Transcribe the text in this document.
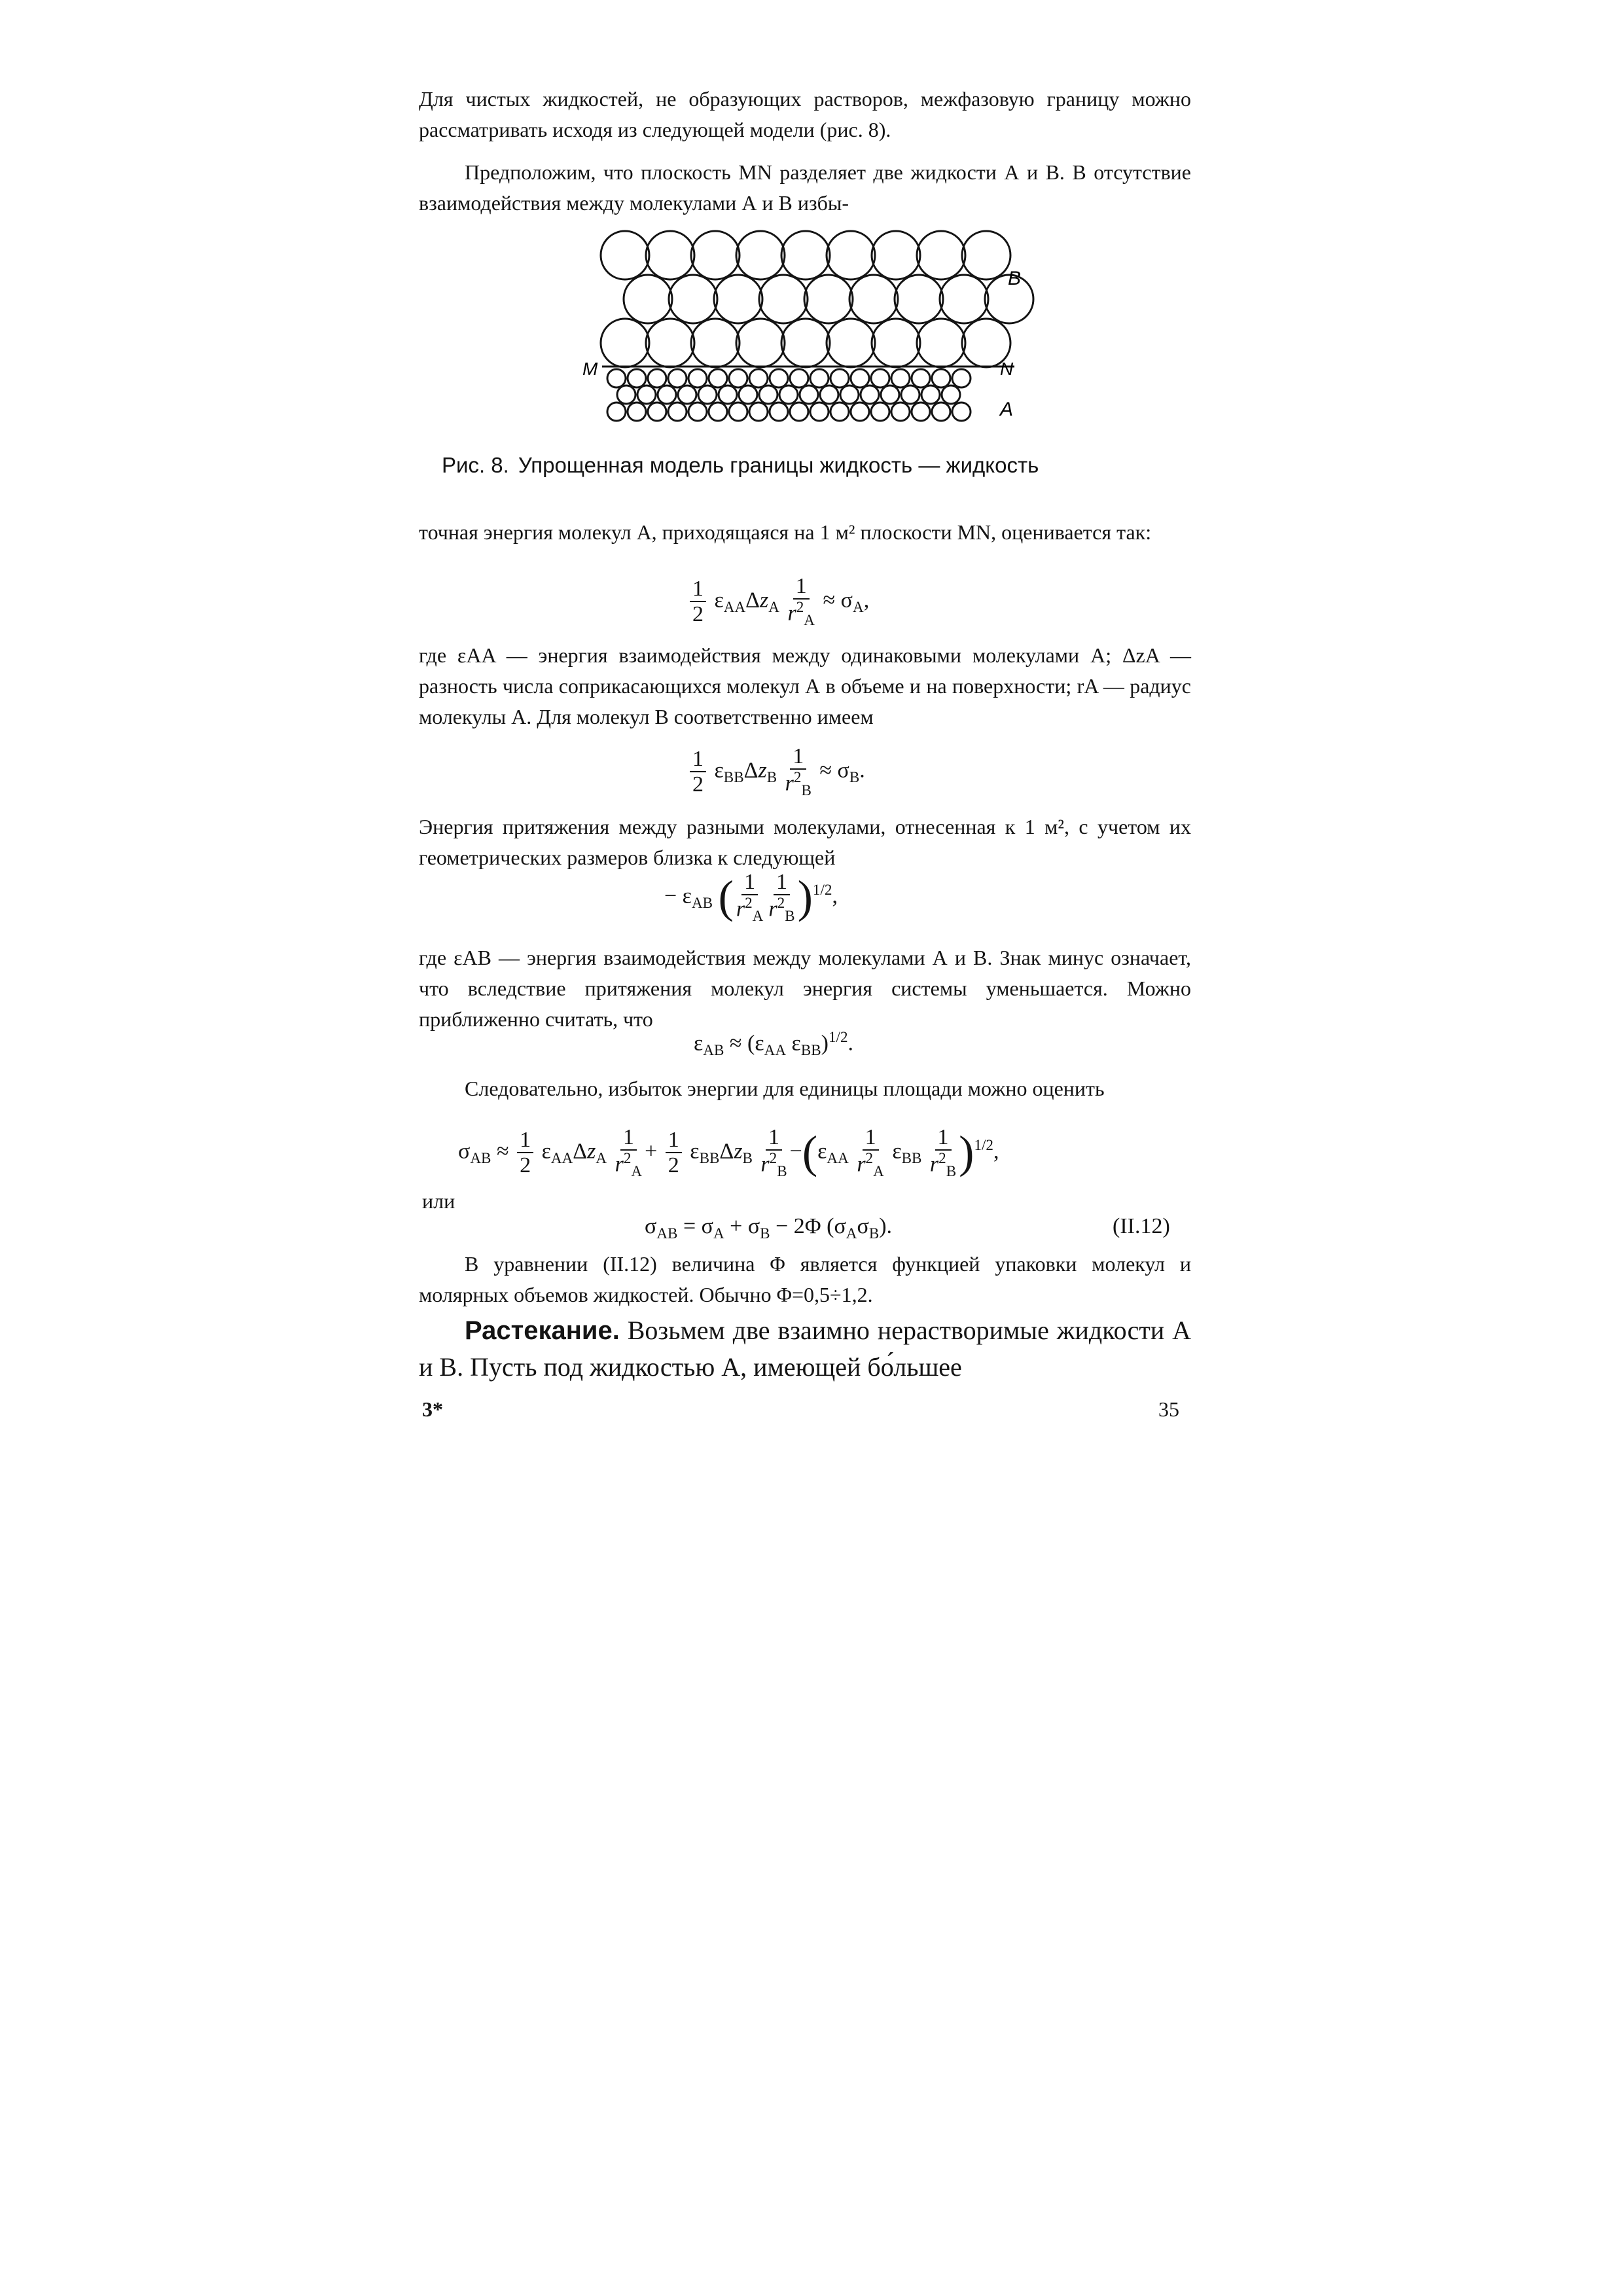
Для чистых жидкостей, не образующих растворов, межфазовую границу можно рассматривать исходя из следующей модели (рис. 8).

Предположим, что плоскость MN разделяет две жидкости А и В. В отсутствие взаимодействия между молекулами А и В избы-

B
A
M	N
Рис. 8. Упрощенная модель границы жидкость — жидкость

точная энергия молекул А, приходящаяся на 1 м² плоскости MN, оценивается так:

$\frac{1}{2} \varepsilon_{AA}\Delta z_A \frac{1}{r^2_A} \approx \sigma_A$,

где εAA — энергия взаимодействия между одинаковыми молекулами А; ΔzA — разность числа соприкасающихся молекул А в объеме и на поверхности; rA — радиус молекулы А. Для молекул В соответственно имеем

$\frac{1}{2} \varepsilon_{BB}\Delta z_B \frac{1}{r^2_B} \approx \sigma_B$.

Энергия притяжения между разными молекулами, отнесенная к 1 м², с учетом их геометрических размеров близка к следующей

− $\varepsilon_{AB}$ ( $\frac{1}{r^2_A} \frac{1}{r^2_B} )^{1/2}$,

где εAB — энергия взаимодействия между молекулами А и В. Знак минус означает, что вследствие притяжения молекул энергия системы уменьшается. Можно приближенно считать, что

$\varepsilon_{AB} \approx (\varepsilon_{AA}$ $\varepsilon_{BB})^{1/2}$.

Следовательно, избыток энергии для единицы площади можно оценить

$\sigma_{AB} \approx \frac{1}{2} \varepsilon_{AA}\Delta z_A \frac{1}{r^2_A} + \frac{1}{2} \varepsilon_{BB}\Delta z_B \frac{1}{r^2_B} -(\varepsilon_{AA} \frac{1}{r^2_A} \varepsilon_{BB} \frac{1}{r^2_B} )^{1/2}$,

или

$\sigma_{AB} = \sigma_A + \sigma_B - 2\Phi$ $(\sigma_A\sigma_B)$.	(II.12)

В уравнении (II.12) величина Φ является функцией упаковки молекул и молярных объемов жидкостей. Обычно Φ=0,5÷1,2.

Растекание. Возьмем две взаимно нерастворимые жидкости А и В. Пусть под жидкостью А, имеющей бо́льшее

3*	35
